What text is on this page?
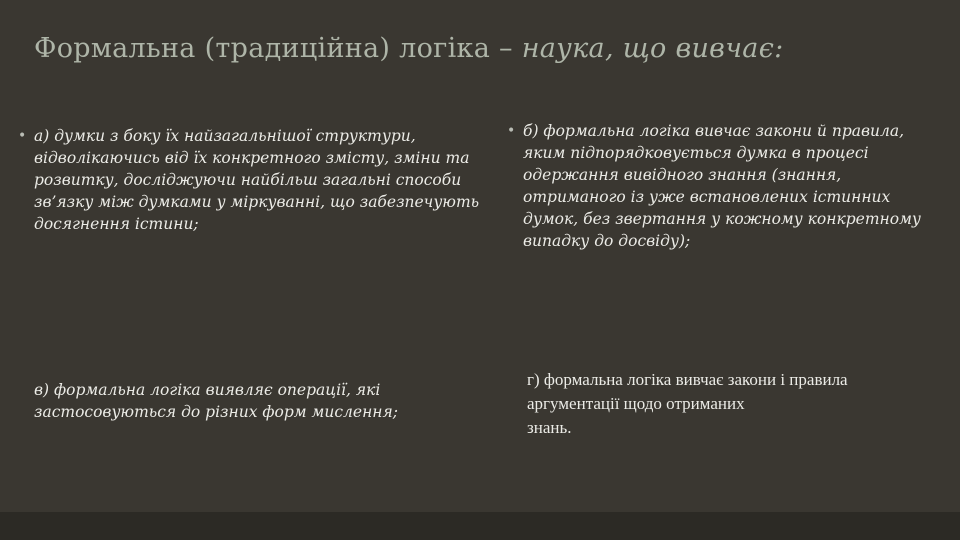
Формальна (традиційна) логіка – наука, що вивчає:

• а) думки з боку їх найзагальнішої структури, відволікаючись від їх конкретного змісту, зміни та розвитку, досліджуючи найбільш загальні способи зв’язку між думками у міркуванні, що забезпечують досягнення істини;

• б) формальна логіка вивчає закони й правила, яким підпорядковується думка в процесі одержання вивідного знання (знання, отриманого із уже встановлених істинних думок, без звертання у кожному конкретному випадку до досвіду);

в) формальна логіка виявляє операції, які застосовуються до різних форм мислення;

г) формальна логіка вивчає закони і правила
аргументації щодо отриманих
знань.
